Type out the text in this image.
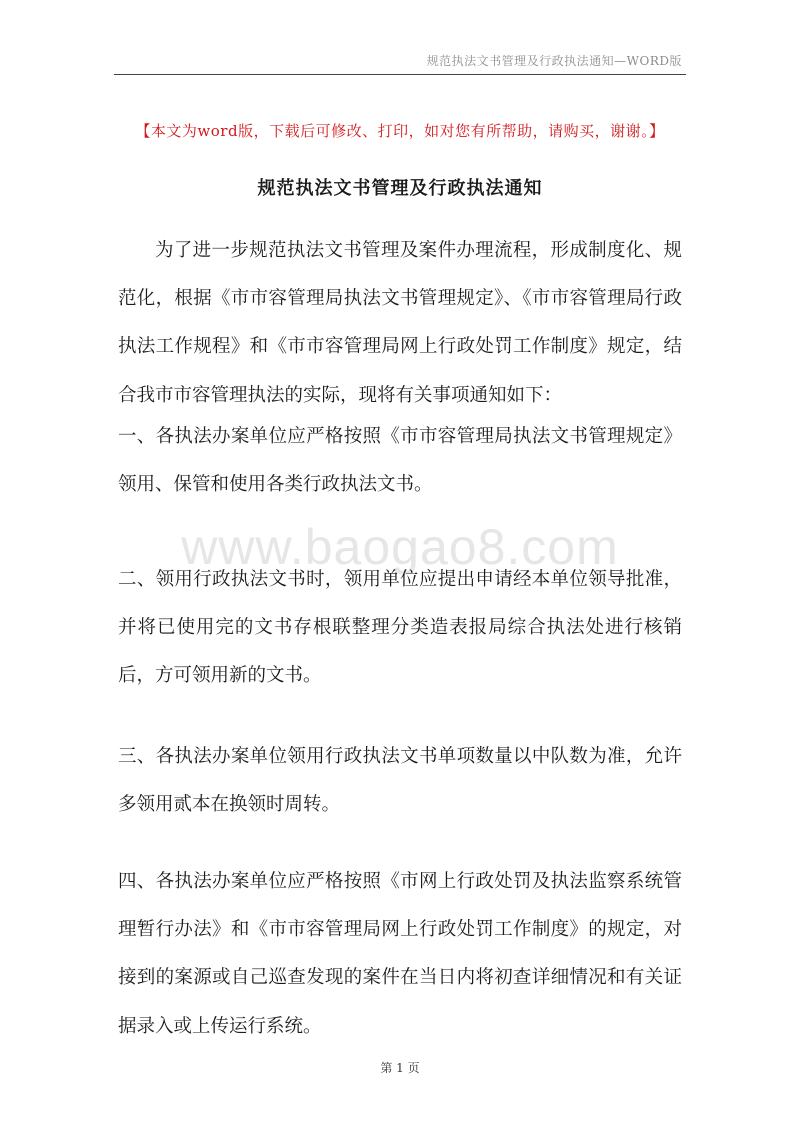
规范执法文书管理及行政执法通知—WORD版
【本文为word版，下载后可修改、打印，如对您有所帮助，请购买，谢谢。】
规范执法文书管理及行政执法通知

为了进一步规范执法文书管理及案件办理流程，形成制度化、规范化，根据《市市容管理局执法文书管理规定》、《市市容管理局行政执法工作规程》和《市市容管理局网上行政处罚工作制度》规定，结合我市市容管理执法的实际，现将有关事项通知如下：

一、各执法办案单位应严格按照《市市容管理局执法文书管理规定》领用、保管和使用各类行政执法文书。

www.baogao8.com

二、领用行政执法文书时，领用单位应提出申请经本单位领导批准，并将已使用完的文书存根联整理分类造表报局综合执法处进行核销后，方可领用新的文书。

三、各执法办案单位领用行政执法文书单项数量以中队数为准，允许多领用贰本在换领时周转。

四、各执法办案单位应严格按照《市网上行政处罚及执法监察系统管理暂行办法》和《市市容管理局网上行政处罚工作制度》的规定，对接到的案源或自己巡查发现的案件在当日内将初查详细情况和有关证据录入或上传运行系统。

第 1 页
